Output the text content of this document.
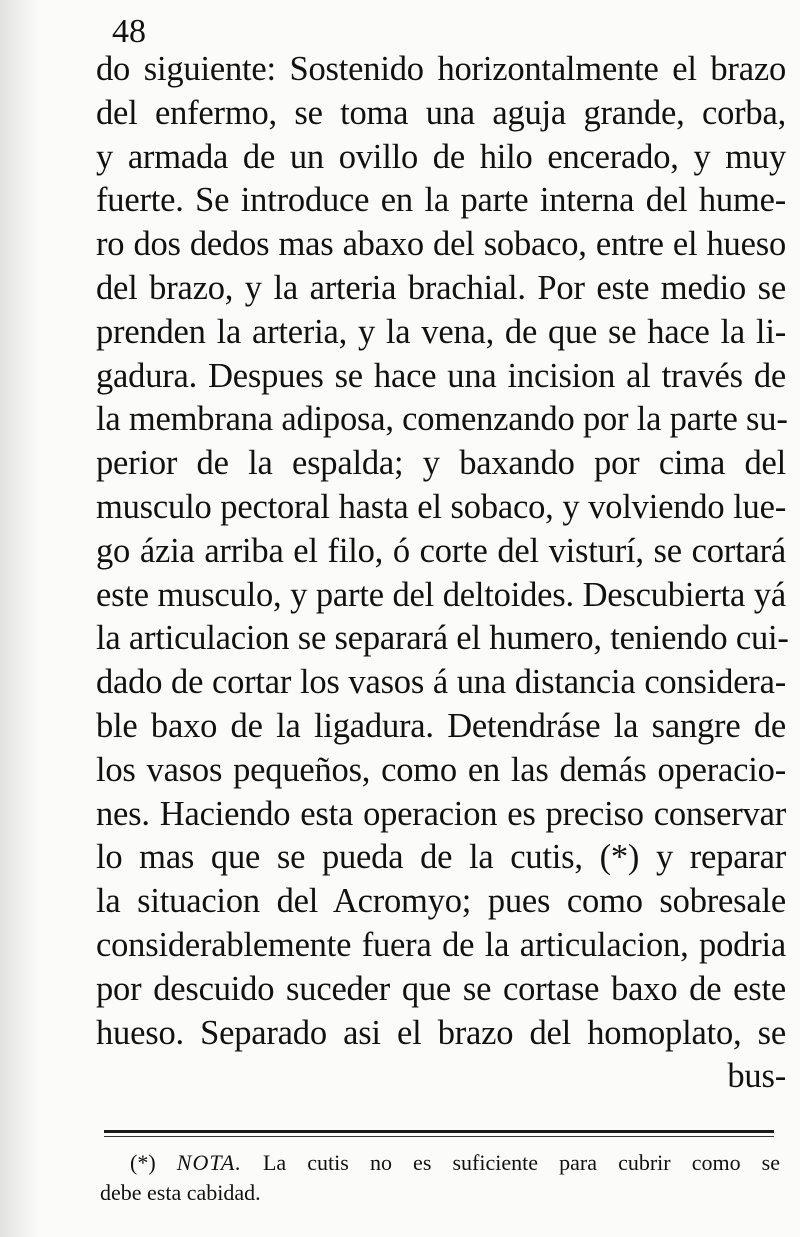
48
do siguiente: Sostenido horizontalmente el brazo
del enfermo, se toma una aguja grande, corba,
y armada de un ovillo de hilo encerado, y muy
fuerte. Se introduce en la parte interna del hume-
ro dos dedos mas abaxo del sobaco, entre el hueso
del brazo, y la arteria brachial. Por este medio se
prenden la arteria, y la vena, de que se hace la li-
gadura. Despues se hace una incision al través de
la membrana adiposa, comenzando por la parte su-
perior de la espalda; y baxando por cima del
musculo pectoral hasta el sobaco, y volviendo lue-
go ázia arriba el filo, ó corte del visturí, se cortará
este musculo, y parte del deltoides. Descubierta yá
la articulacion se separará el humero, teniendo cui-
dado de cortar los vasos á una distancia considera-
ble baxo de la ligadura. Detendráse la sangre de
los vasos pequeños, como en las demás operacio-
nes. Haciendo esta operacion es preciso conservar
lo mas que se pueda de la cutis, (*) y reparar
la situacion del Acromyo; pues como sobresale
considerablemente fuera de la articulacion, podria
por descuido suceder que se cortase baxo de este
hueso. Separado asi el brazo del homoplato, se
bus-
(*) NOTA. La cutis no es suficiente para cubrir como se
debe esta cabidad.
